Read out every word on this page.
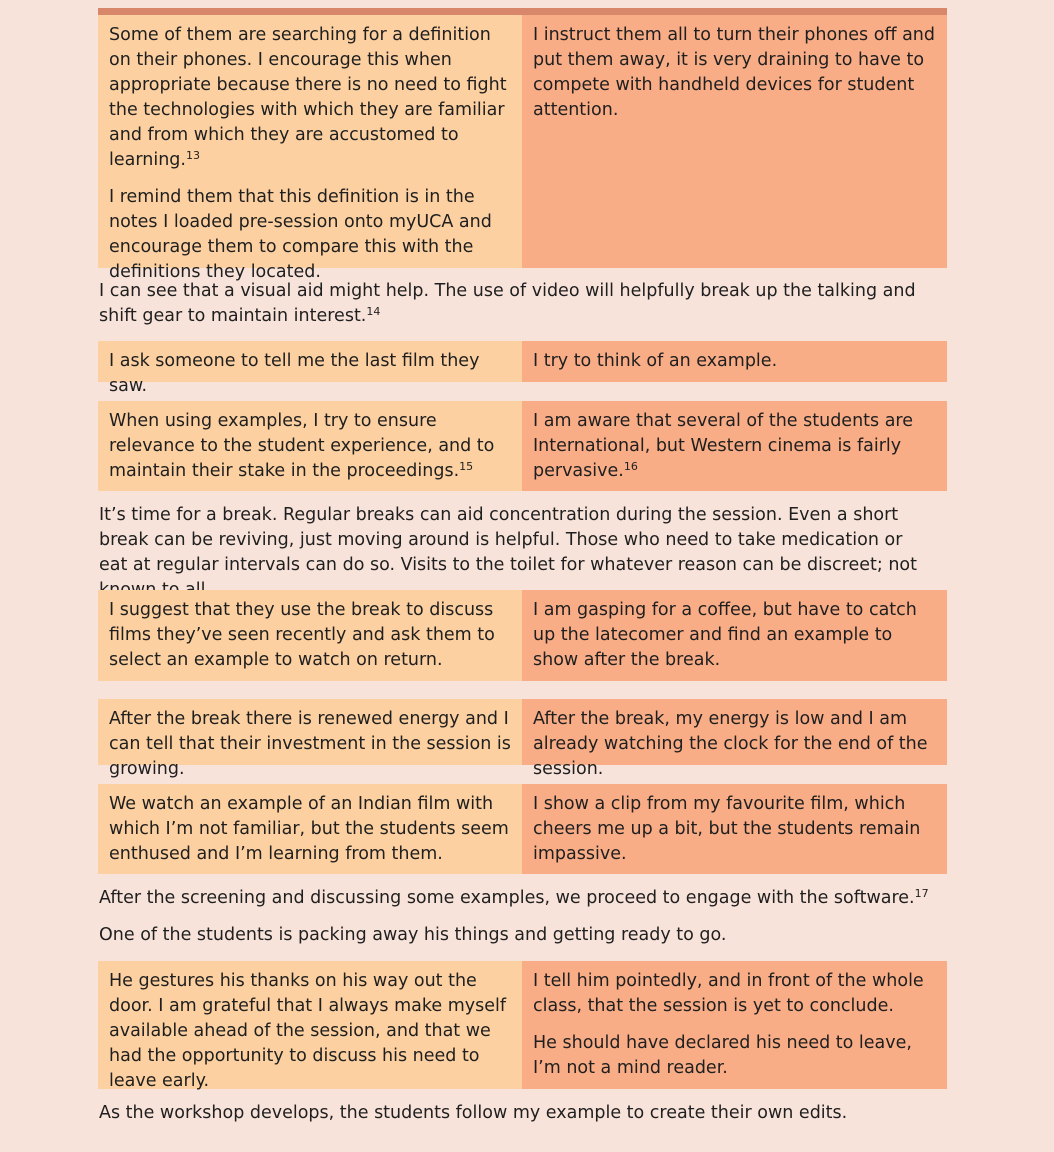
Some of them are searching for a definition on their phones. I encourage this when appropriate because there is no need to fight the technologies with which they are familiar and from which they are accustomed to learning.$^{13}$

I remind them that this definition is in the notes I loaded pre-session onto myUCA and encourage them to compare this with the definitions they located.

I instruct them all to turn their phones off and put them away, it is very draining to have to compete with handheld devices for student attention.

I can see that a visual aid might help. The use of video will helpfully break up the talking and shift gear to maintain interest.$^{14}$

I ask someone to tell me the last film they saw.

I try to think of an example.

When using examples, I try to ensure relevance to the student experience, and to maintain their stake in the proceedings.$^{15}$

I am aware that several of the students are International, but Western cinema is fairly pervasive.$^{16}$

It’s time for a break. Regular breaks can aid concentration during the session. Even a short break can be reviving, just moving around is helpful. Those who need to take medication or eat at regular intervals can do so. Visits to the toilet for whatever reason can be discreet; not

I suggest that they use the break to discuss films they’ve seen recently and ask them to select an example to watch on return.

I am gasping for a coffee, but have to catch up the latecomer and find an example to show after the break.

After the break there is renewed energy and I can tell that their investment in the session is growing.

After the break, my energy is low and I am already watching the clock for the end of the session.

We watch an example of an Indian film with which I’m not familiar, but the students seem enthused and I’m learning from them.

I show a clip from my favourite film, which cheers me up a bit, but the students remain impassive.

After the screening and discussing some examples, we proceed to engage with the software.$^{17}$

One of the students is packing away his things and getting ready to go.

He gestures his thanks on his way out the door. I am grateful that I always make myself available ahead of the session, and that we had the opportunity to discuss his need to leave early.

I tell him pointedly, and in front of the whole class, that the session is yet to conclude.

He should have declared his need to leave, I’m not a mind reader.

As the workshop develops, the students follow my example to create their own edits.
